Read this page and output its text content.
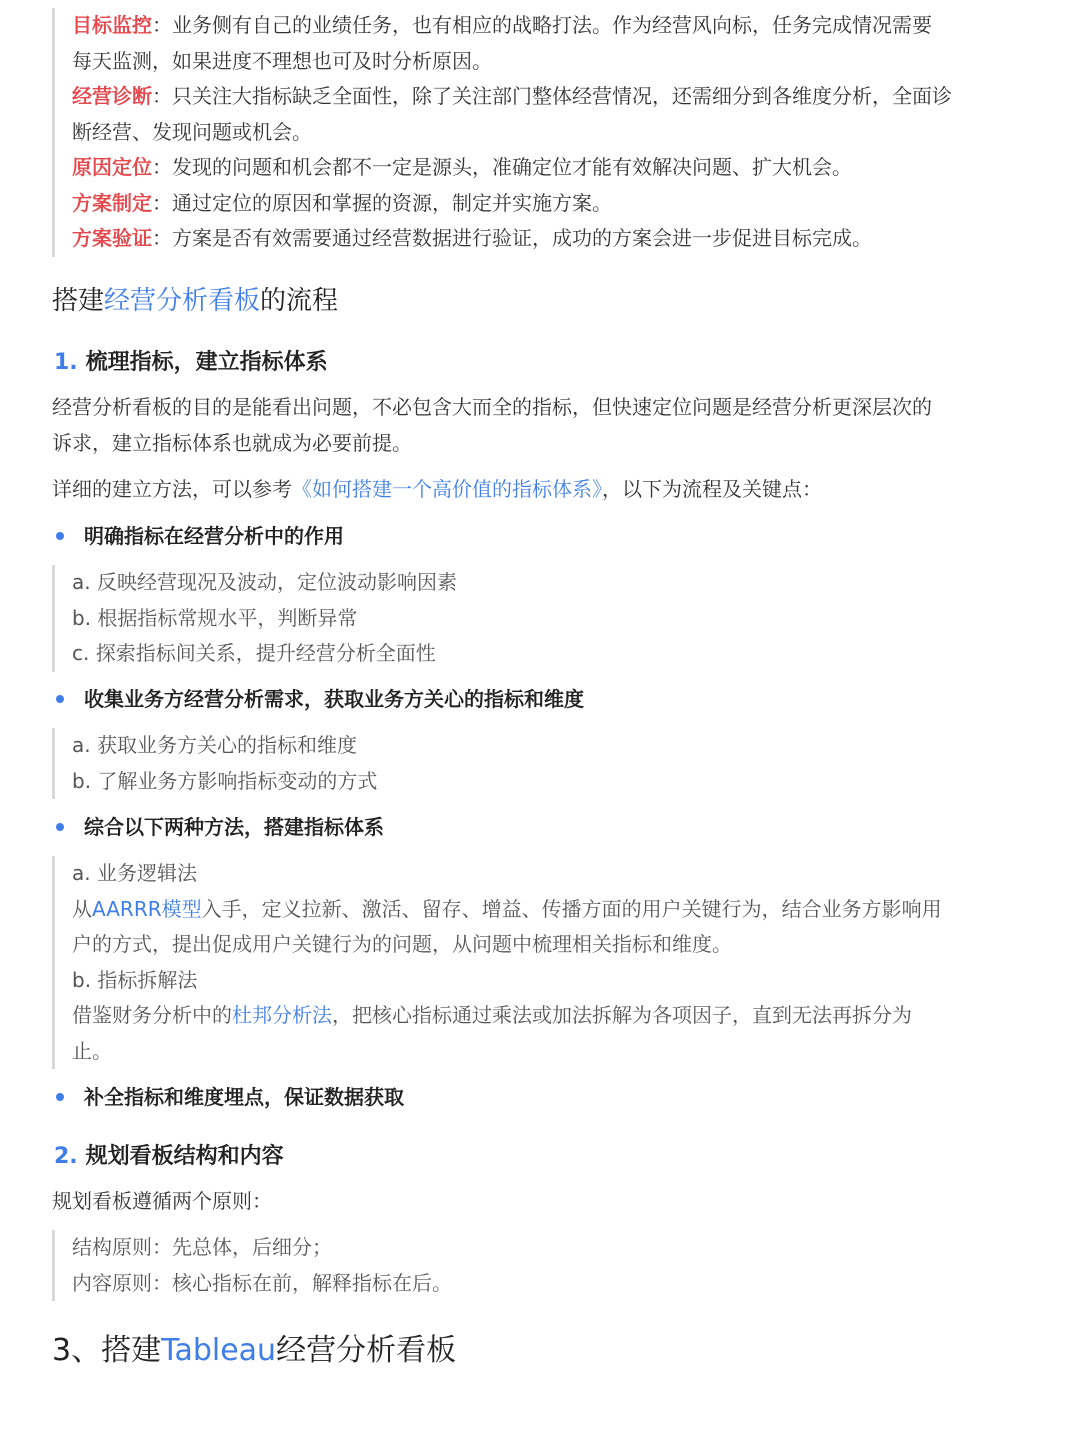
目标监控：业务侧有自己的业绩任务，也有相应的战略打法。作为经营风向标，任务完成情况需要
每天监测，如果进度不理想也可及时分析原因。
经营诊断：只关注大指标缺乏全面性，除了关注部门整体经营情况，还需细分到各维度分析，全面诊
断经营、发现问题或机会。
原因定位：发现的问题和机会都不一定是源头，准确定位才能有效解决问题、扩大机会。
方案制定：通过定位的原因和掌握的资源，制定并实施方案。
方案验证：方案是否有效需要通过经营数据进行验证，成功的方案会进一步促进目标完成。
搭建经营分析看板的流程
1. 梳理指标，建立指标体系
经营分析看板的目的是能看出问题，不必包含大而全的指标，但快速定位问题是经营分析更深层次的
诉求，建立指标体系也就成为必要前提。
详细的建立方法，可以参考《如何搭建一个高价值的指标体系》，以下为流程及关键点：
明确指标在经营分析中的作用
a. 反映经营现况及波动，定位波动影响因素
b. 根据指标常规水平，判断异常
c. 探索指标间关系，提升经营分析全面性
收集业务方经营分析需求，获取业务方关心的指标和维度
a. 获取业务方关心的指标和维度
b. 了解业务方影响指标变动的方式
综合以下两种方法，搭建指标体系
a. 业务逻辑法
从AARRR模型入手，定义拉新、激活、留存、增益、传播方面的用户关键行为，结合业务方影响用
户的方式，提出促成用户关键行为的问题，从问题中梳理相关指标和维度。
b. 指标拆解法
借鉴财务分析中的杜邦分析法，把核心指标通过乘法或加法拆解为各项因子，直到无法再拆分为
止。
补全指标和维度埋点，保证数据获取
2. 规划看板结构和内容
规划看板遵循两个原则：
结构原则：先总体，后细分；
内容原则：核心指标在前，解释指标在后。
3、搭建Tableau经营分析看板
